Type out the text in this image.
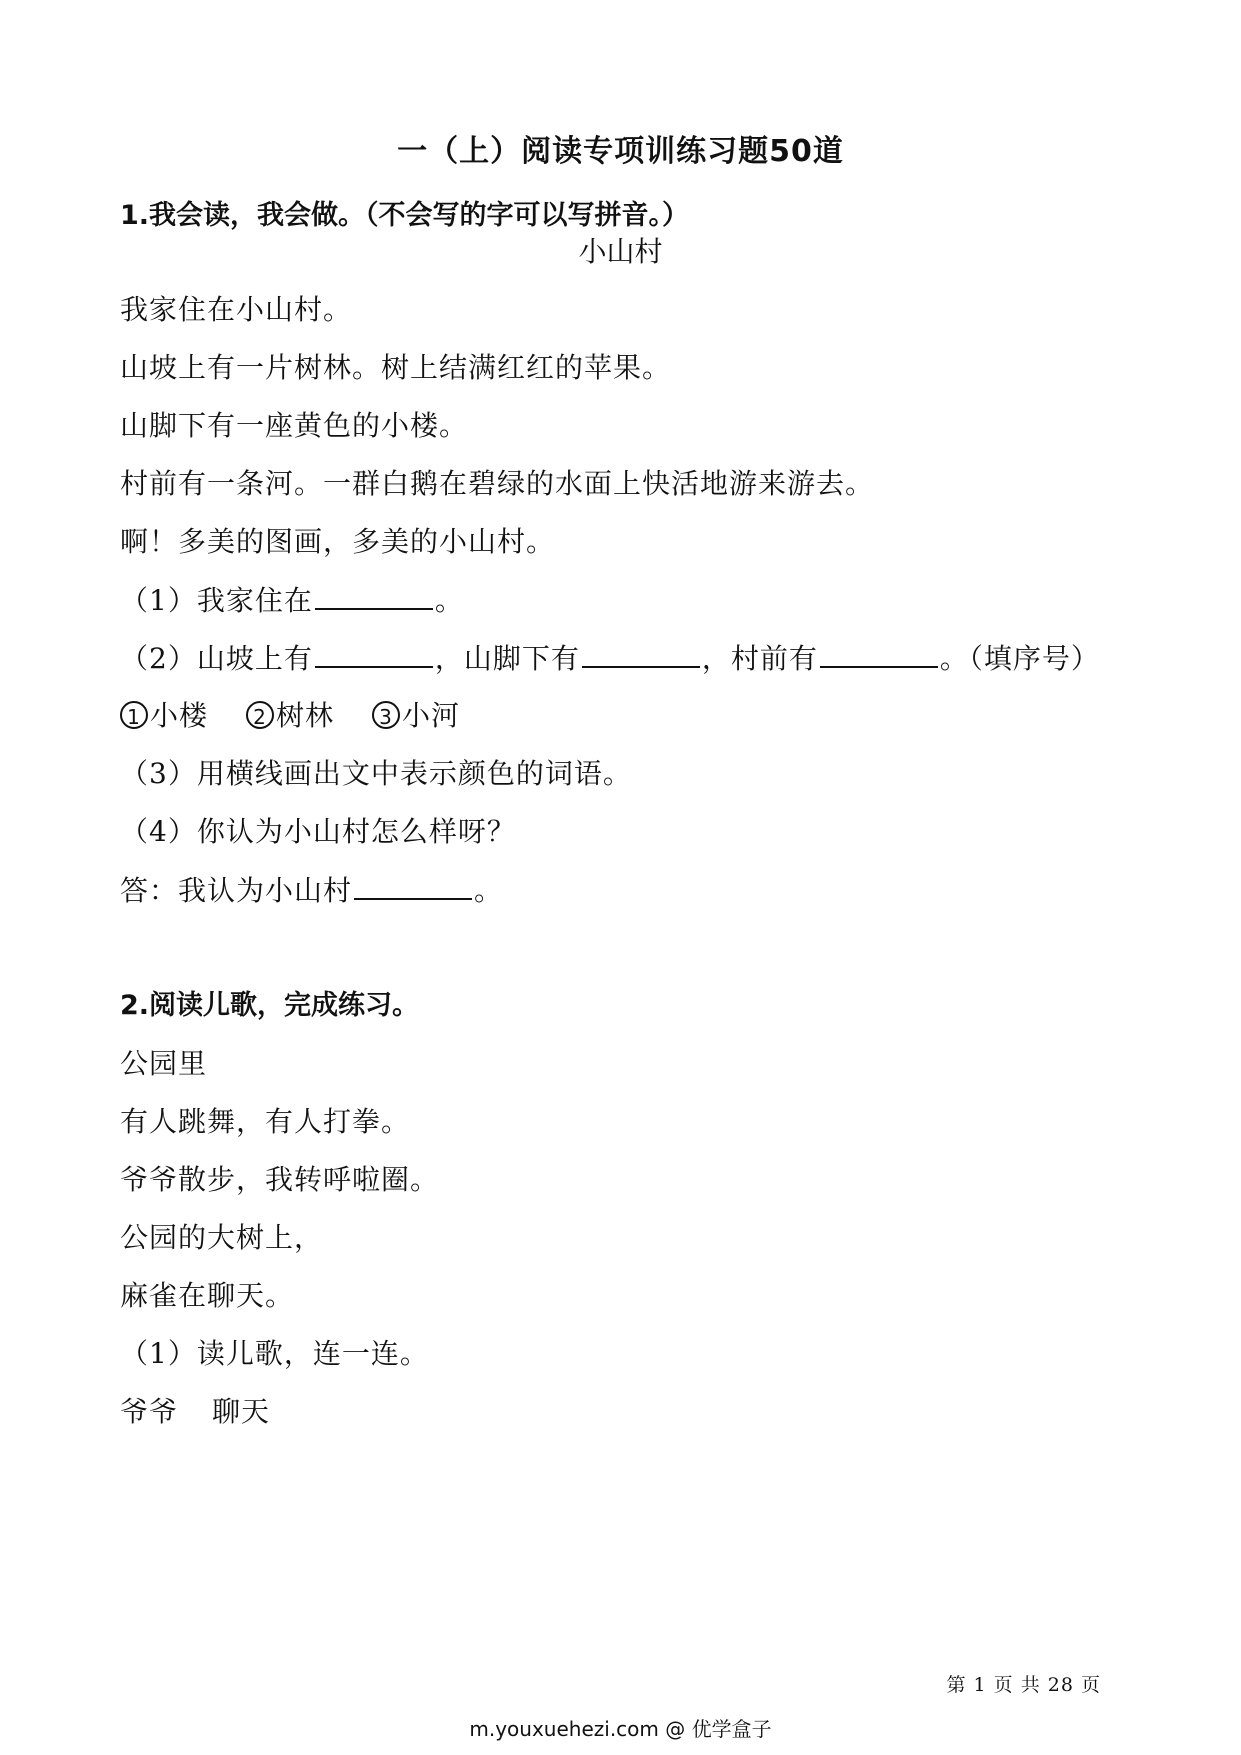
一（上）阅读专项训练习题50道
1.我会读，我会做。（不会写的字可以写拼音。）
小山村
我家住在小山村。
山坡上有一片树林。树上结满红红的苹果。
山脚下有一座黄色的小楼。
村前有一条河。一群白鹅在碧绿的水面上快活地游来游去。
啊！多美的图画，多美的小山村。
（1）我家住在	。
（2）山坡上有	，山脚下有	，村前有	。（填序号）
1 小楼 2 树林 3 小河
（3）用横线画出文中表示颜色的词语。
（4）你认为小山村怎么样呀？
答：我认为小山村	。
2.阅读儿歌，完成练习。
公园里
有人跳舞，有人打拳。
爷爷散步，我转呼啦圈。
公园的大树上，
麻雀在聊天。
（1）读儿歌，连一连。
爷爷 聊天
第 1 页 共 28 页
m.youxuehezi.com @ 优学盒子
